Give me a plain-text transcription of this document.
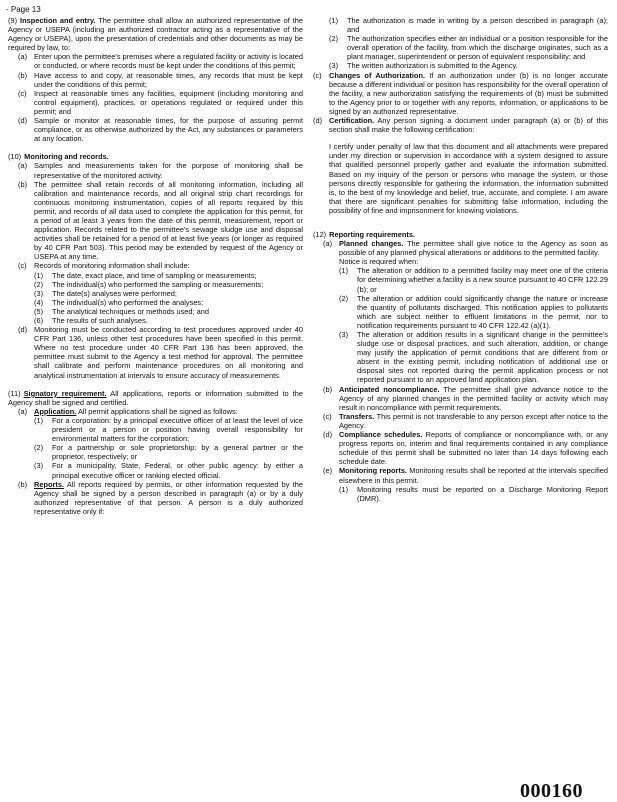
- Page 13

(9) Inspection and entry. The permittee shall allow an authorized representative of the Agency or USEPA (including an authorized contractor acting as a representative of the Agency or USEPA), upon the presentation of credentials and other documents as may be required by law, to:

(a) Enter upon the permittee's premises where a regulated facility or activity is located or conducted, or where records must be kept under the conditions of this permit;
(b) Have access to and copy, at reasonable times, any records that must be kept under the conditions of this permit;
(c) Inspect at reasonable times any facilities, equipment (including monitoring and control equipment), practices, or operations regulated or required under this permit; and
(d) Sample or monitor at reasonable times, for the purpose of assuring permit compliance, or as otherwise authorized by the Act, any substances or parameters at any location.

(10) Monitoring and records.

(a) Samples and measurements taken for the purpose of monitoring shall be representative of the monitored activity.
(b) The permittee shall retain records of all monitoring information, including all calibration and maintenance records, and all original strip chart recordings for continuous monitoring instrumentation, copies of all reports required by this permit, and records of all data used to complete the application for this permit, for a period of at least 3 years from the date of this permit, measurement, report or application. Records related to the permittee's sewage sludge use and disposal activities shall be retained for a period of at least five years (or longer as required by 40 CFR Part 503). This period may be extended by request of the Agency or USEPA at any time.
(c) Records of monitoring information shall include:
(1)	The date, exact place, and time of sampling or measurements;
(2)	The individual(s) who performed the sampling or measurements;
(3)	The date(s) analyses were performed;
(4)	The individual(s) who performed the analyses;
(5)	The analytical techniques or methods used; and
(6)	The results of such analyses.
(d) Monitoring must be conducted according to test procedures approved under 40 CFR Part 136, unless other test procedures have been specified in this permit. Where no test procedure under 40 CFR Part 136 has been approved, the permittee must submit to the Agency a test method for approval. The permittee shall calibrate and perform maintenance procedures on all monitoring and analytical instrumentation at intervals to ensure accuracy of measurements.

(11) Signatory requirement. All applications, reports or information submitted to the Agency shall be signed and certified.

(a) Application. All permit applications shall be signed as follows:
(1)	For a corporation: by a principal executive officer of at least the level of vice president or a person or position having overall responsibility for environmental matters for the corporation;
(2)	For a partnership or sole proprietorship: by a general partner or the proprietor, respectively; or
(3)	For a municipality, State, Federal, or other public agency: by either a principal executive officer or ranking elected official.
(b) Reports. All reports required by permits, or other information requested by the Agency shall be signed by a person described in paragraph (a) or by a duly authorized representative of that person. A person is a duly authorized representative only if:
(1)	The authorization is made in writing by a person described in paragraph (a); and
(2)	The authorization specifies either an individual or a position responsible for the overall operation of the facility, from which the discharge originates, such as a plant manager, superintendent or person of equivalent responsibility; and
(3)	The written authorization is submitted to the Agency.
(c) Changes of Authorization. If an authorization under (b) is no longer accurate because a different individual or position has responsibility for the overall operation of the facility, a new authorization satisfying the requirements of (b) must be submitted to the Agency prior to or together with any reports, information, or applications to be signed by an authorized representative.
(d) Certification. Any person signing a document under paragraph (a) or (b) of this section shall make the following certification:

I certify under penalty of law that this document and all attachments were prepared under my direction or supervision in accordance with a system designed to assure that qualified personnel properly gather and evaluate the information submitted. Based on my inquiry of the person or persons who manage the system, or those persons directly responsible for gathering the information, the information submitted is, to the best of my knowledge and belief, true, accurate, and complete. I am aware that there are significant penalties for submitting false information, including the possibility of fine and imprisonment for knowing violations.

(12) Reporting requirements.

(a) Planned changes. The permittee shall give notice to the Agency as soon as possible of any planned physical alterations or additions to the permitted facility.
Notice is required when:
(1)	The alteration or addition to a permitted facility may meet one of the criteria for determining whether a facility is a new source pursuant to 40 CFR 122.29 (b); or
(2)	The alteration or addition could significantly change the nature or increase the quantity of pollutants discharged. This notification applies to pollutants which are subject neither to effluent limitations in the permit, nor to notification requirements pursuant to 40 CFR 122.42 (a)(1).
(3)	The alteration or addition results in a significant change in the permittee's sludge use or disposal practices, and such alteration, addition, or change may justify the application of permit conditions that are different from or absent in the existing permit, including notification of additional use or disposal sites not reported during the permit application process or not reported pursuant to an approved land application plan.
(b) Anticipated noncompliance. The permittee shall give advance notice to the Agency of any planned changes in the permitted facility or activity which may result in noncompliance with permit requirements.
(c) Transfers. This permit is not transferable to any person except after notice to the Agency.
(d) Compliance schedules. Reports of compliance or noncompliance with, or any progress reports on, interim and final requirements contained in any compliance schedule of this permit shall be submitted no later than 14 days following each schedule date.
(e) Monitoring reports. Monitoring results shall be reported at the intervals specified elsewhere in this permit.
(1)	Monitoring results must be reported on a Discharge Monitoring Report (DMR).
000160
